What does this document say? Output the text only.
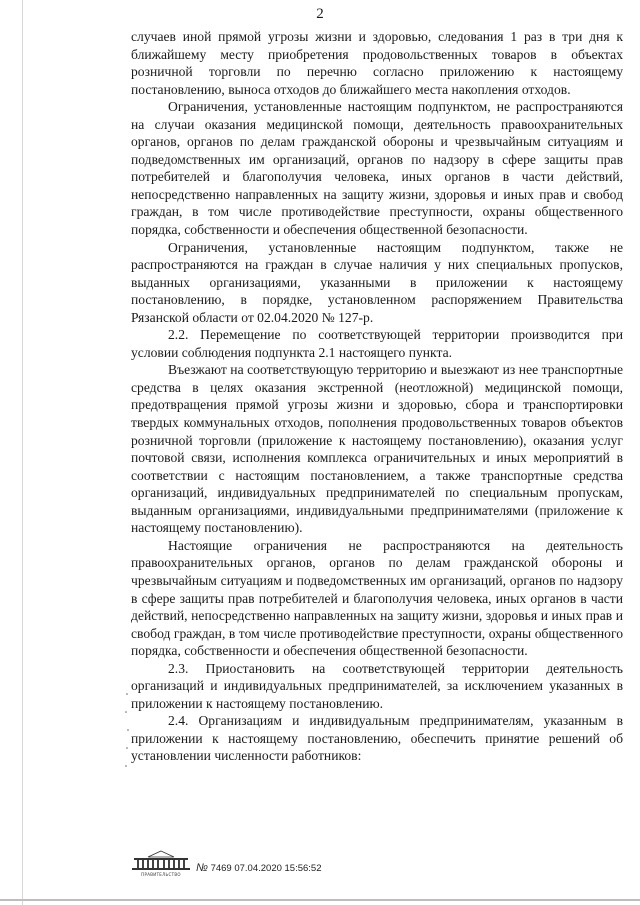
2

случаев иной прямой угрозы жизни и здоровью, следования 1 раз в три дня к ближайшему месту приобретения продовольственных товаров в объектах розничной торговли по перечню согласно приложению к настоящему постановлению, выноса отходов до ближайшего места накопления отходов.

Ограничения, установленные настоящим подпунктом, не распространяются на случаи оказания медицинской помощи, деятельность правоохранительных органов, органов по делам гражданской обороны и чрезвычайным ситуациям и подведомственных им организаций, органов по надзору в сфере защиты прав потребителей и благополучия человека, иных органов в части действий, непосредственно направленных на защиту жизни, здоровья и иных прав и свобод граждан, в том числе противодействие преступности, охраны общественного порядка, собственности и обеспечения общественной безопасности.

Ограничения, установленные настоящим подпунктом, также не распространяются на граждан в случае наличия у них специальных пропусков, выданных организациями, указанными в приложении к настоящему постановлению, в порядке, установленном распоряжением Правительства Рязанской области от 02.04.2020 № 127-р.

2.2. Перемещение по соответствующей территории производится при условии соблюдения подпункта 2.1 настоящего пункта.

Въезжают на соответствующую территорию и выезжают из нее транспортные средства в целях оказания экстренной (неотложной) медицинской помощи, предотвращения прямой угрозы жизни и здоровью, сбора и транспортировки твердых коммунальных отходов, пополнения продовольственных товаров объектов розничной торговли (приложение к настоящему постановлению), оказания услуг почтовой связи, исполнения комплекса ограничительных и иных мероприятий в соответствии с настоящим постановлением, а также транспортные средства организаций, индивидуальных предпринимателей по специальным пропускам, выданным организациями, индивидуальными предпринимателями (приложение к настоящему постановлению).

Настоящие ограничения не распространяются на деятельность правоохранительных органов, органов по делам гражданской обороны и чрезвычайным ситуациям и подведомственных им организаций, органов по надзору в сфере защиты прав потребителей и благополучия человека, иных органов в части действий, непосредственно направленных на защиту жизни, здоровья и иных прав и свобод граждан, в том числе противодействие преступности, охраны общественного порядка, собственности и обеспечения общественной безопасности.

2.3. Приостановить на соответствующей территории деятельность организаций и индивидуальных предпринимателей, за исключением указанных в приложении к настоящему постановлению.

2.4. Организациям и индивидуальным предпринимателям, указанным в приложении к настоящему постановлению, обеспечить принятие решений об установлении численности работников:

ПРАВИТЕЛЬСТВО
№ 7469 07.04.2020 15:56:52
